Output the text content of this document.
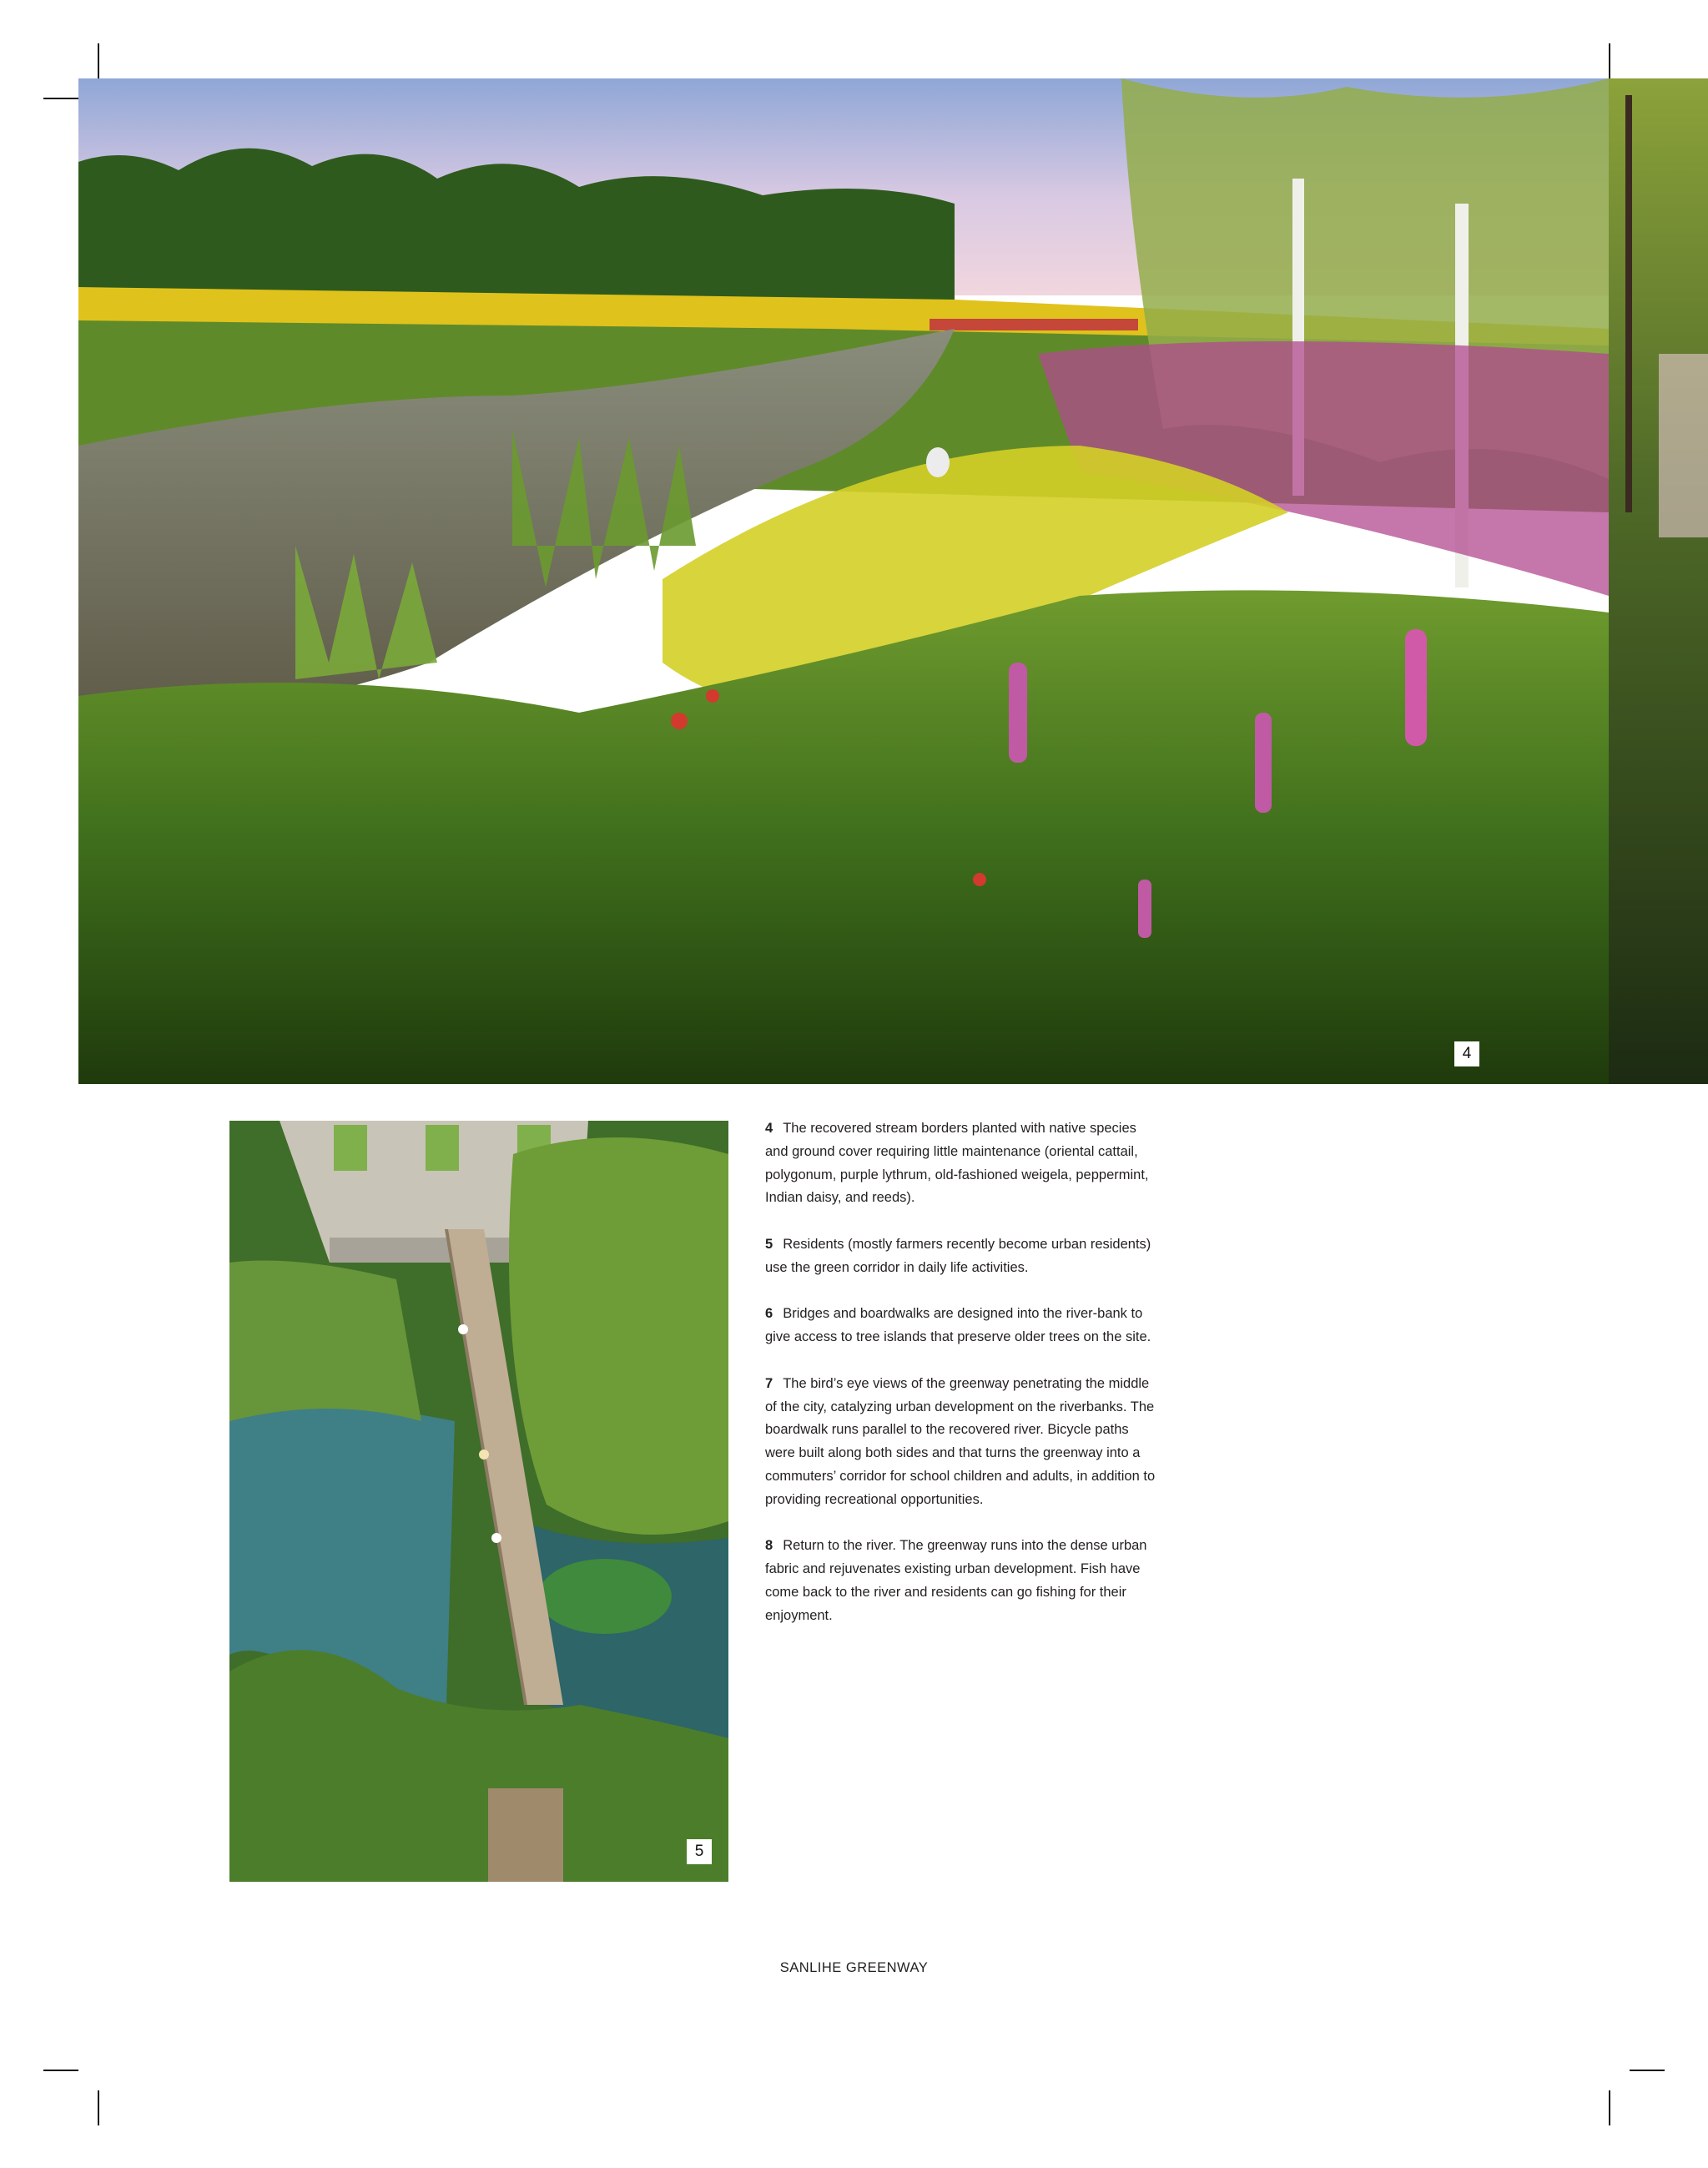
4
5

4 The recovered stream borders planted with native species and ground cover requiring little maintenance (oriental cattail, polygonum, purple lythrum, old-fashioned weigela, peppermint, Indian daisy, and reeds).

5 Residents (mostly farmers recently become urban residents) use the green corridor in daily life activities.

6 Bridges and boardwalks are designed into the river-bank to give access to tree islands that preserve older trees on the site.

7 The bird’s eye views of the greenway penetrating the middle of the city, catalyzing urban development on the riverbanks. The boardwalk runs parallel to the recovered river. Bicycle paths were built along both sides and that turns the greenway into a commuters’ corridor for school children and adults, in addition to providing recreational opportunities.

8 Return to the river. The greenway runs into the dense urban fabric and rejuvenates existing urban development. Fish have come back to the river and residents can go fishing for their enjoyment.

SANLIHE GREENWAY
